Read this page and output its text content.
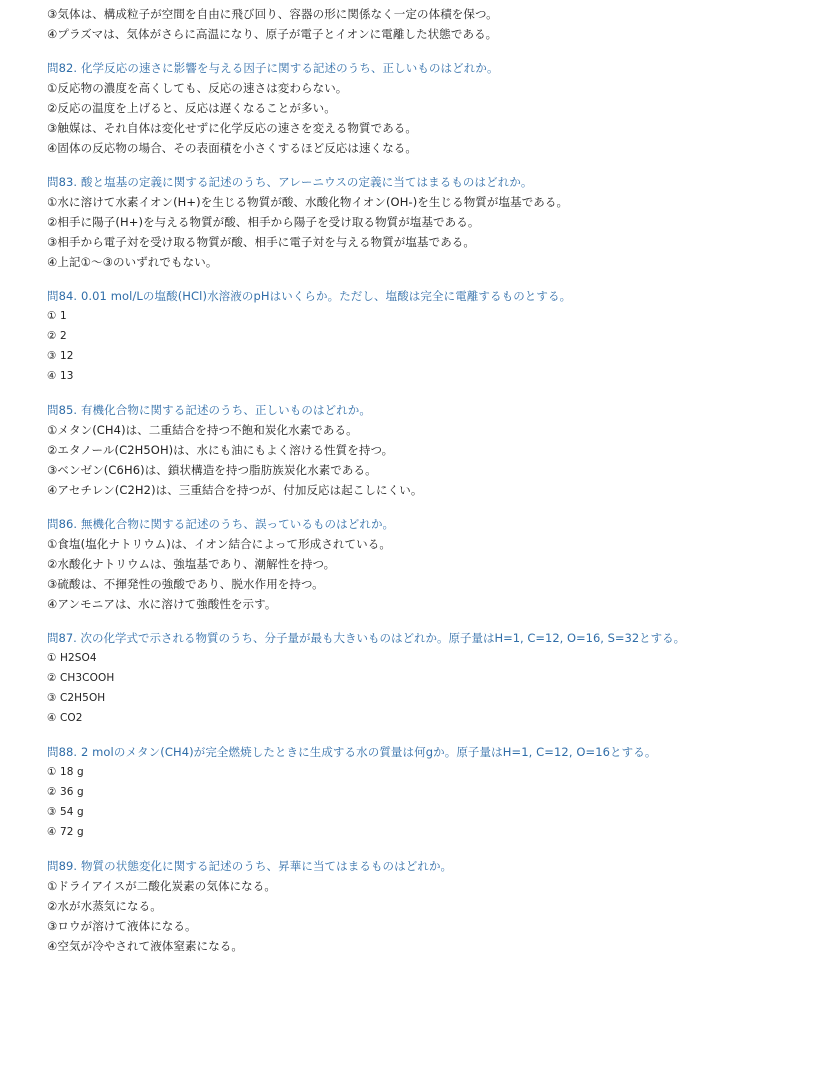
③気体は、構成粒子が空間を自由に飛び回り、容器の形に関係なく一定の体積を保つ。
④プラズマは、気体がさらに高温になり、原子が電子とイオンに電離した状態である。
問82. 化学反応の速さに影響を与える因子に関する記述のうち、正しいものはどれか。
①反応物の濃度を高くしても、反応の速さは変わらない。
②反応の温度を上げると、反応は遅くなることが多い。
③触媒は、それ自体は変化せずに化学反応の速さを変える物質である。
④固体の反応物の場合、その表面積を小さくするほど反応は速くなる。
問83. 酸と塩基の定義に関する記述のうち、アレーニウスの定義に当てはまるものはどれか。
①水に溶けて水素イオン(H+)を生じる物質が酸、水酸化物イオン(OH-)を生じる物質が塩基である。
②相手に陽子(H+)を与える物質が酸、相手から陽子を受け取る物質が塩基である。
③相手から電子対を受け取る物質が酸、相手に電子対を与える物質が塩基である。
④上記①〜③のいずれでもない。
問84. 0.01 mol/Lの塩酸(HCl)水溶液のpHはいくらか。ただし、塩酸は完全に電離するものとする。
① 1
② 2
③ 12
④ 13
問85. 有機化合物に関する記述のうち、正しいものはどれか。
①メタン(CH4)は、二重結合を持つ不飽和炭化水素である。
②エタノール(C2H5OH)は、水にも油にもよく溶ける性質を持つ。
③ベンゼン(C6H6)は、鎖状構造を持つ脂肪族炭化水素である。
④アセチレン(C2H2)は、三重結合を持つが、付加反応は起こしにくい。
問86. 無機化合物に関する記述のうち、誤っているものはどれか。
①食塩(塩化ナトリウム)は、イオン結合によって形成されている。
②水酸化ナトリウムは、強塩基であり、潮解性を持つ。
③硫酸は、不揮発性の強酸であり、脱水作用を持つ。
④アンモニアは、水に溶けて強酸性を示す。
問87. 次の化学式で示される物質のうち、分子量が最も大きいものはどれか。原子量はH=1, C=12, O=16, S=32とする。
① H2SO4
② CH3COOH
③ C2H5OH
④ CO2
問88. 2 molのメタン(CH4)が完全燃焼したときに生成する水の質量は何gか。原子量はH=1, C=12, O=16とする。
① 18 g
② 36 g
③ 54 g
④ 72 g
問89. 物質の状態変化に関する記述のうち、昇華に当てはまるものはどれか。
①ドライアイスが二酸化炭素の気体になる。
②水が水蒸気になる。
③ロウが溶けて液体になる。
④空気が冷やされて液体窒素になる。
